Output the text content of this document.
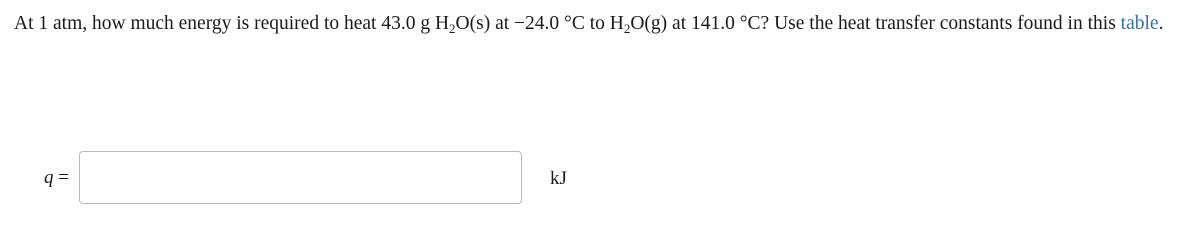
At 1 atm, how much energy is required to heat 43.0 g $H_2O(s)$ at −24.0 °C to $H_2O(g)$ at 141.0 °C? Use the heat transfer constants found in this table.
q =	kJ
